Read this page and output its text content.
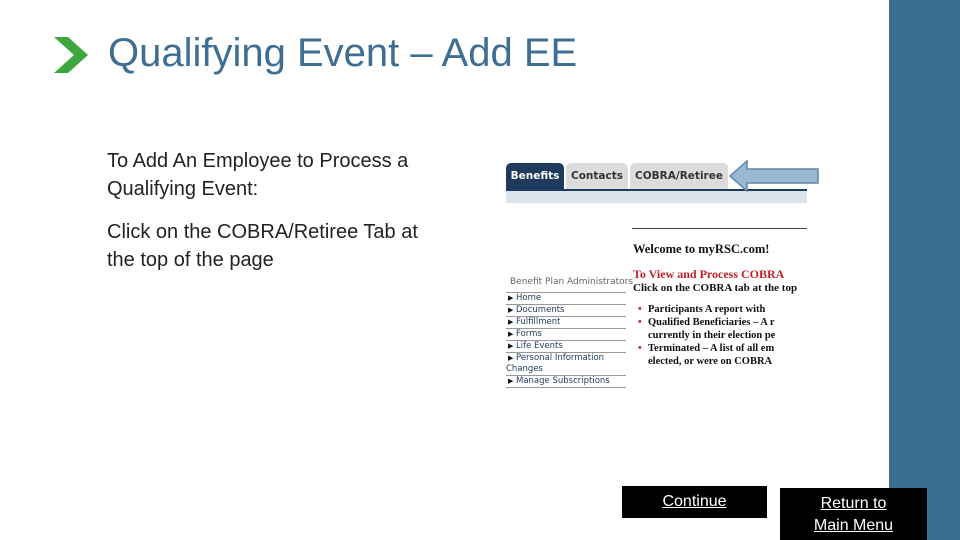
Qualifying Event – Add EE

To Add An Employee to Process a Qualifying Event:

Click on the COBRA/Retiree Tab at the top of the page

Benefits	Contacts	COBRA/Retiree
Welcome to myRSC.com!
To View and Process COBRA
Click on the COBRA tab at the top
• Participants A report with
• Qualified Beneficiaries – A r
currently in their election pe
• Terminated – A list of all em
elected, or were on COBRA
Benefit Plan Administrators
▶ Home
▶ Documents
▶ Fulfillment
▶ Forms
▶ Life Events
▶ Personal Information
Changes
▶ Manage Subscriptions
Continue	Return to
Main Menu
